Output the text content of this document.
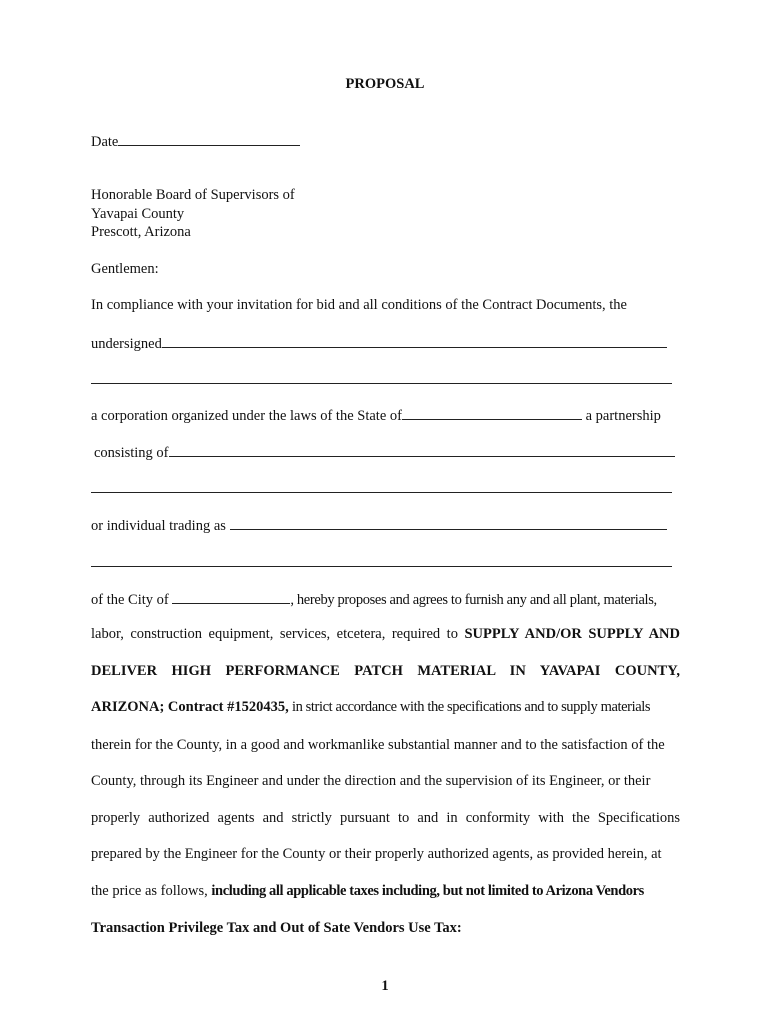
PROPOSAL
Date
Honorable Board of Supervisors of
Yavapai County
Prescott, Arizona
Gentlemen:
In compliance with your invitation for bid and all conditions of the Contract Documents, the
undersigned
a corporation organized under the laws of the State of	a partnership
consisting of
or individual trading as
of the City of	, hereby proposes and agrees to furnish any and all plant, materials,
labor, construction equipment, services, etcetera, required to SUPPLY AND/OR SUPPLY AND
DELIVER HIGH PERFORMANCE PATCH MATERIAL IN YAVAPAI COUNTY,
ARIZONA; Contract #1520435, in strict accordance with the specifications and to supply materials
therein for the County, in a good and workmanlike substantial manner and to the satisfaction of the
County, through its Engineer and under the direction and the supervision of its Engineer, or their
properly authorized agents and strictly pursuant to and in conformity with the Specifications
prepared by the Engineer for the County or their properly authorized agents, as provided herein, at
the price as follows, including all applicable taxes including, but not limited to Arizona Vendors
Transaction Privilege Tax and Out of Sate Vendors Use Tax:
1
